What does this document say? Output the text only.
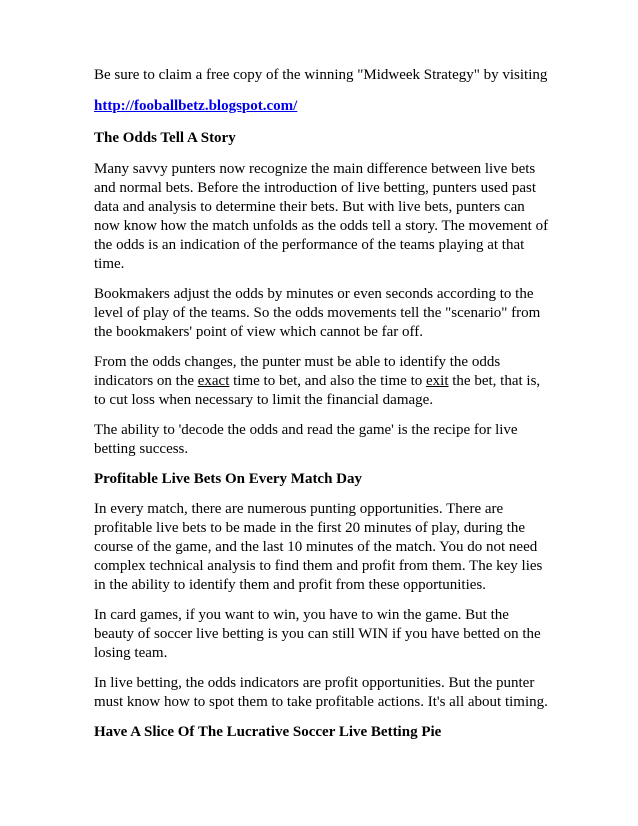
Be sure to claim a free copy of the winning "Midweek Strategy" by visiting

http://fooballbetz.blogspot.com/

The Odds Tell A Story

Many savvy punters now recognize the main difference between live bets and normal bets. Before the introduction of live betting, punters used past data and analysis to determine their bets. But with live bets, punters can now know how the match unfolds as the odds tell a story. The movement of the odds is an indication of the performance of the teams playing at that time.

Bookmakers adjust the odds by minutes or even seconds according to the level of play of the teams. So the odds movements tell the "scenario" from the bookmakers' point of view which cannot be far off.

From the odds changes, the punter must be able to identify the odds indicators on the exact time to bet, and also the time to exit the bet, that is, to cut loss when necessary to limit the financial damage.

The ability to 'decode the odds and read the game' is the recipe for live betting success.

Profitable Live Bets On Every Match Day

In every match, there are numerous punting opportunities. There are profitable live bets to be made in the first 20 minutes of play, during the course of the game, and the last 10 minutes of the match. You do not need complex technical analysis to find them and profit from them. The key lies in the ability to identify them and profit from these opportunities.

In card games, if you want to win, you have to win the game. But the beauty of soccer live betting is you can still WIN if you have betted on the losing team.

In live betting, the odds indicators are profit opportunities. But the punter must know how to spot them to take profitable actions. It's all about timing.

Have A Slice Of The Lucrative Soccer Live Betting Pie
